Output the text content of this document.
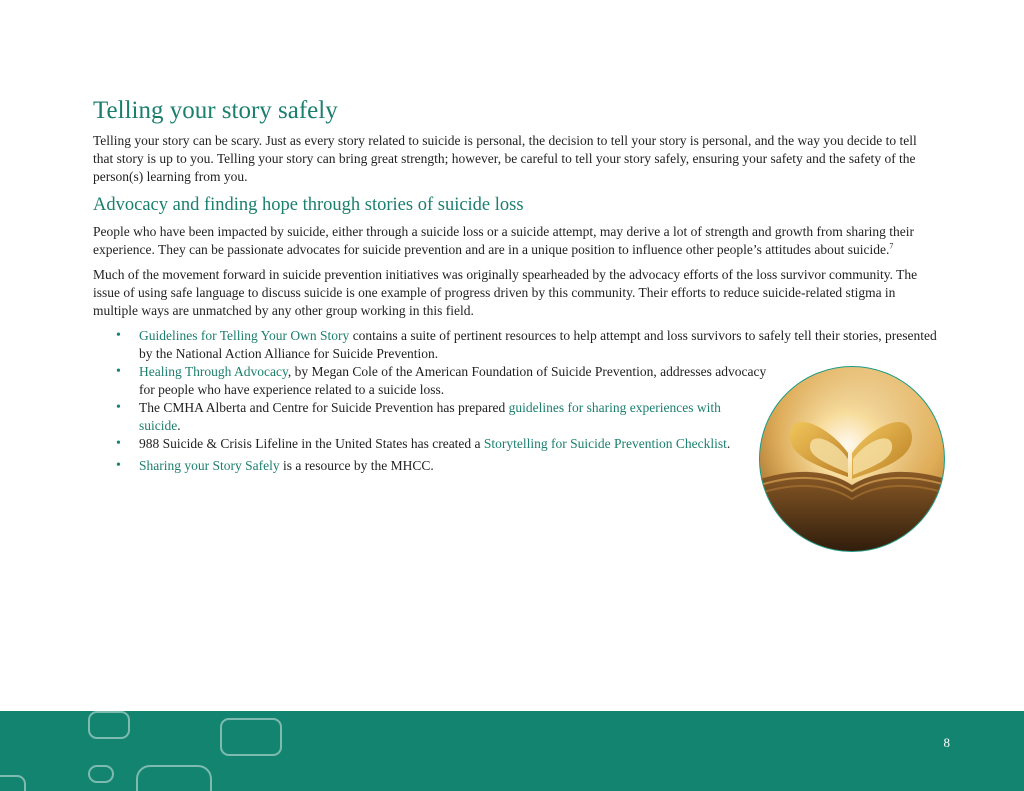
Telling your story safely

Telling your story can be scary. Just as every story related to suicide is personal, the decision to tell your story is personal, and the way you decide to tell that story is up to you. Telling your story can bring great strength; however, be careful to tell your story safely, ensuring your safety and the safety of the person(s) learning from you.

Advocacy and finding hope through stories of suicide loss

People who have been impacted by suicide, either through a suicide loss or a suicide attempt, may derive a lot of strength and growth from sharing their experience. They can be passionate advocates for suicide prevention and are in a unique position to influence other people’s attitudes about suicide.$^7$

Much of the movement forward in suicide prevention initiatives was originally spearheaded by the advocacy efforts of the loss survivor community. The issue of using safe language to discuss suicide is one example of progress driven by this community. Their efforts to reduce suicide-related stigma in multiple ways are unmatched by any other group working in this field.

• Guidelines for Telling Your Own Story contains a suite of pertinent resources to help attempt and loss survivors to safely tell their stories, presented by the National Action Alliance for Suicide Prevention.
• Healing Through Advocacy, by Megan Cole of the American Foundation of Suicide Prevention, addresses advocacy for people who have experience related to a suicide loss.
• The CMHA Alberta and Centre for Suicide Prevention has prepared guidelines for sharing experiences with suicide.
• 988 Suicide & Crisis Lifeline in the United States has created a Storytelling for Suicide Prevention Checklist.
• Sharing your Story Safely is a resource by the MHCC.
8
